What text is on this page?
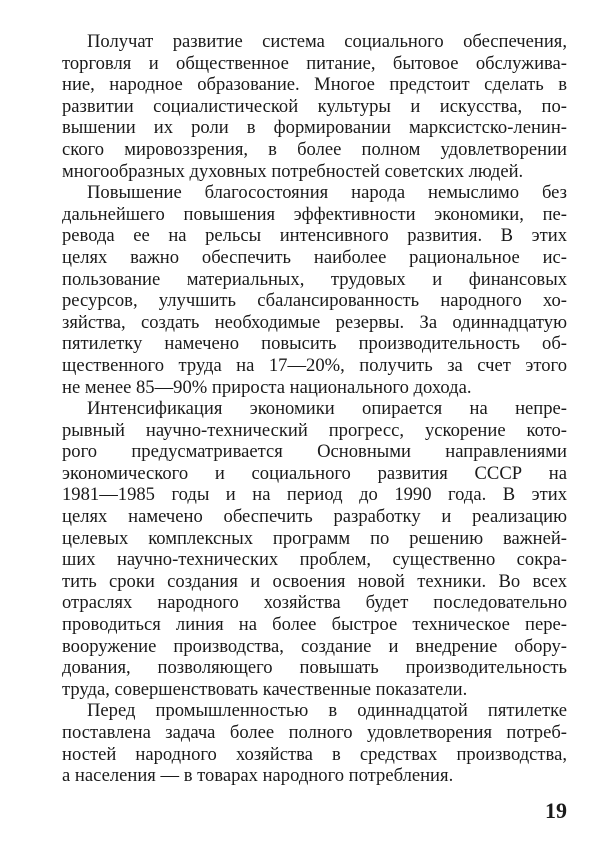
Получат развитие система социального обеспечения,
торговля и общественное питание, бытовое обслужива-
ние, народное образование. Многое предстоит сделать в
развитии социалистической культуры и искусства, по-
вышении их роли в формировании марксистско-ленин-
ского мировоззрения, в более полном удовлетворении
многообразных духовных потребностей советских людей.
Повышение благосостояния народа немыслимо без
дальнейшего повышения эффективности экономики, пе-
ревода ее на рельсы интенсивного развития. В этих
целях важно обеспечить наиболее рациональное ис-
пользование материальных, трудовых и финансовых
ресурсов, улучшить сбалансированность народного хо-
зяйства, создать необходимые резервы. За одиннадцатую
пятилетку намечено повысить производительность об-
щественного труда на 17—20%, получить за счет этого
не менее 85—90% прироста национального дохода.
Интенсификация экономики опирается на непре-
рывный научно-технический прогресс, ускорение кото-
рого предусматривается Основными направлениями
экономического и социального развития СССР на
1981—1985 годы и на период до 1990 года. В этих
целях намечено обеспечить разработку и реализацию
целевых комплексных программ по решению важней-
ших научно-технических проблем, существенно сокра-
тить сроки создания и освоения новой техники. Во всех
отраслях народного хозяйства будет последовательно
проводиться линия на более быстрое техническое пере-
вооружение производства, создание и внедрение обору-
дования, позволяющего повышать производительность
труда, совершенствовать качественные показатели.
Перед промышленностью в одиннадцатой пятилетке
поставлена задача более полного удовлетворения потреб-
ностей народного хозяйства в средствах производства,
а населения — в товарах народного потребления.
19
